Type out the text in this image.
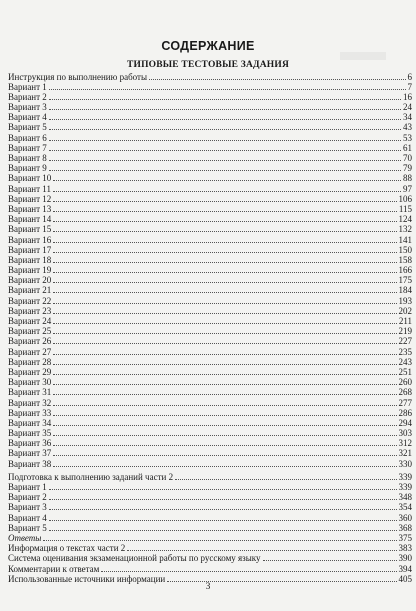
СОДЕРЖАНИЕ
ТИПОВЫЕ ТЕСТОВЫЕ ЗАДАНИЯ
Инструкция по выполнению работы	6
Вариант 1	7
Вариант 2	16
Вариант 3	24
Вариант 4	34
Вариант 5	43
Вариант 6	53
Вариант 7	61
Вариант 8	70
Вариант 9	79
Вариант 10	88
Вариант 11	97
Вариант 12	106
Вариант 13	115
Вариант 14	124
Вариант 15	132
Вариант 16	141
Вариант 17	150
Вариант 18	158
Вариант 19	166
Вариант 20	175
Вариант 21	184
Вариант 22	193
Вариант 23	202
Вариант 24	211
Вариант 25	219
Вариант 26	227
Вариант 27	235
Вариант 28	243
Вариант 29	251
Вариант 30	260
Вариант 31	268
Вариант 32	277
Вариант 33	286
Вариант 34	294
Вариант 35	303
Вариант 36	312
Вариант 37	321
Вариант 38	330
Подготовка к выполнению заданий части 2	339
Вариант 1	339
Вариант 2	348
Вариант 3	354
Вариант 4	360
Вариант 5	368
Ответы	375
Информация о текстах части 2	383
Система оценивания экзаменационной работы по русскому языку	390
Комментарии к ответам	394
Использованные источники информации	405
3
